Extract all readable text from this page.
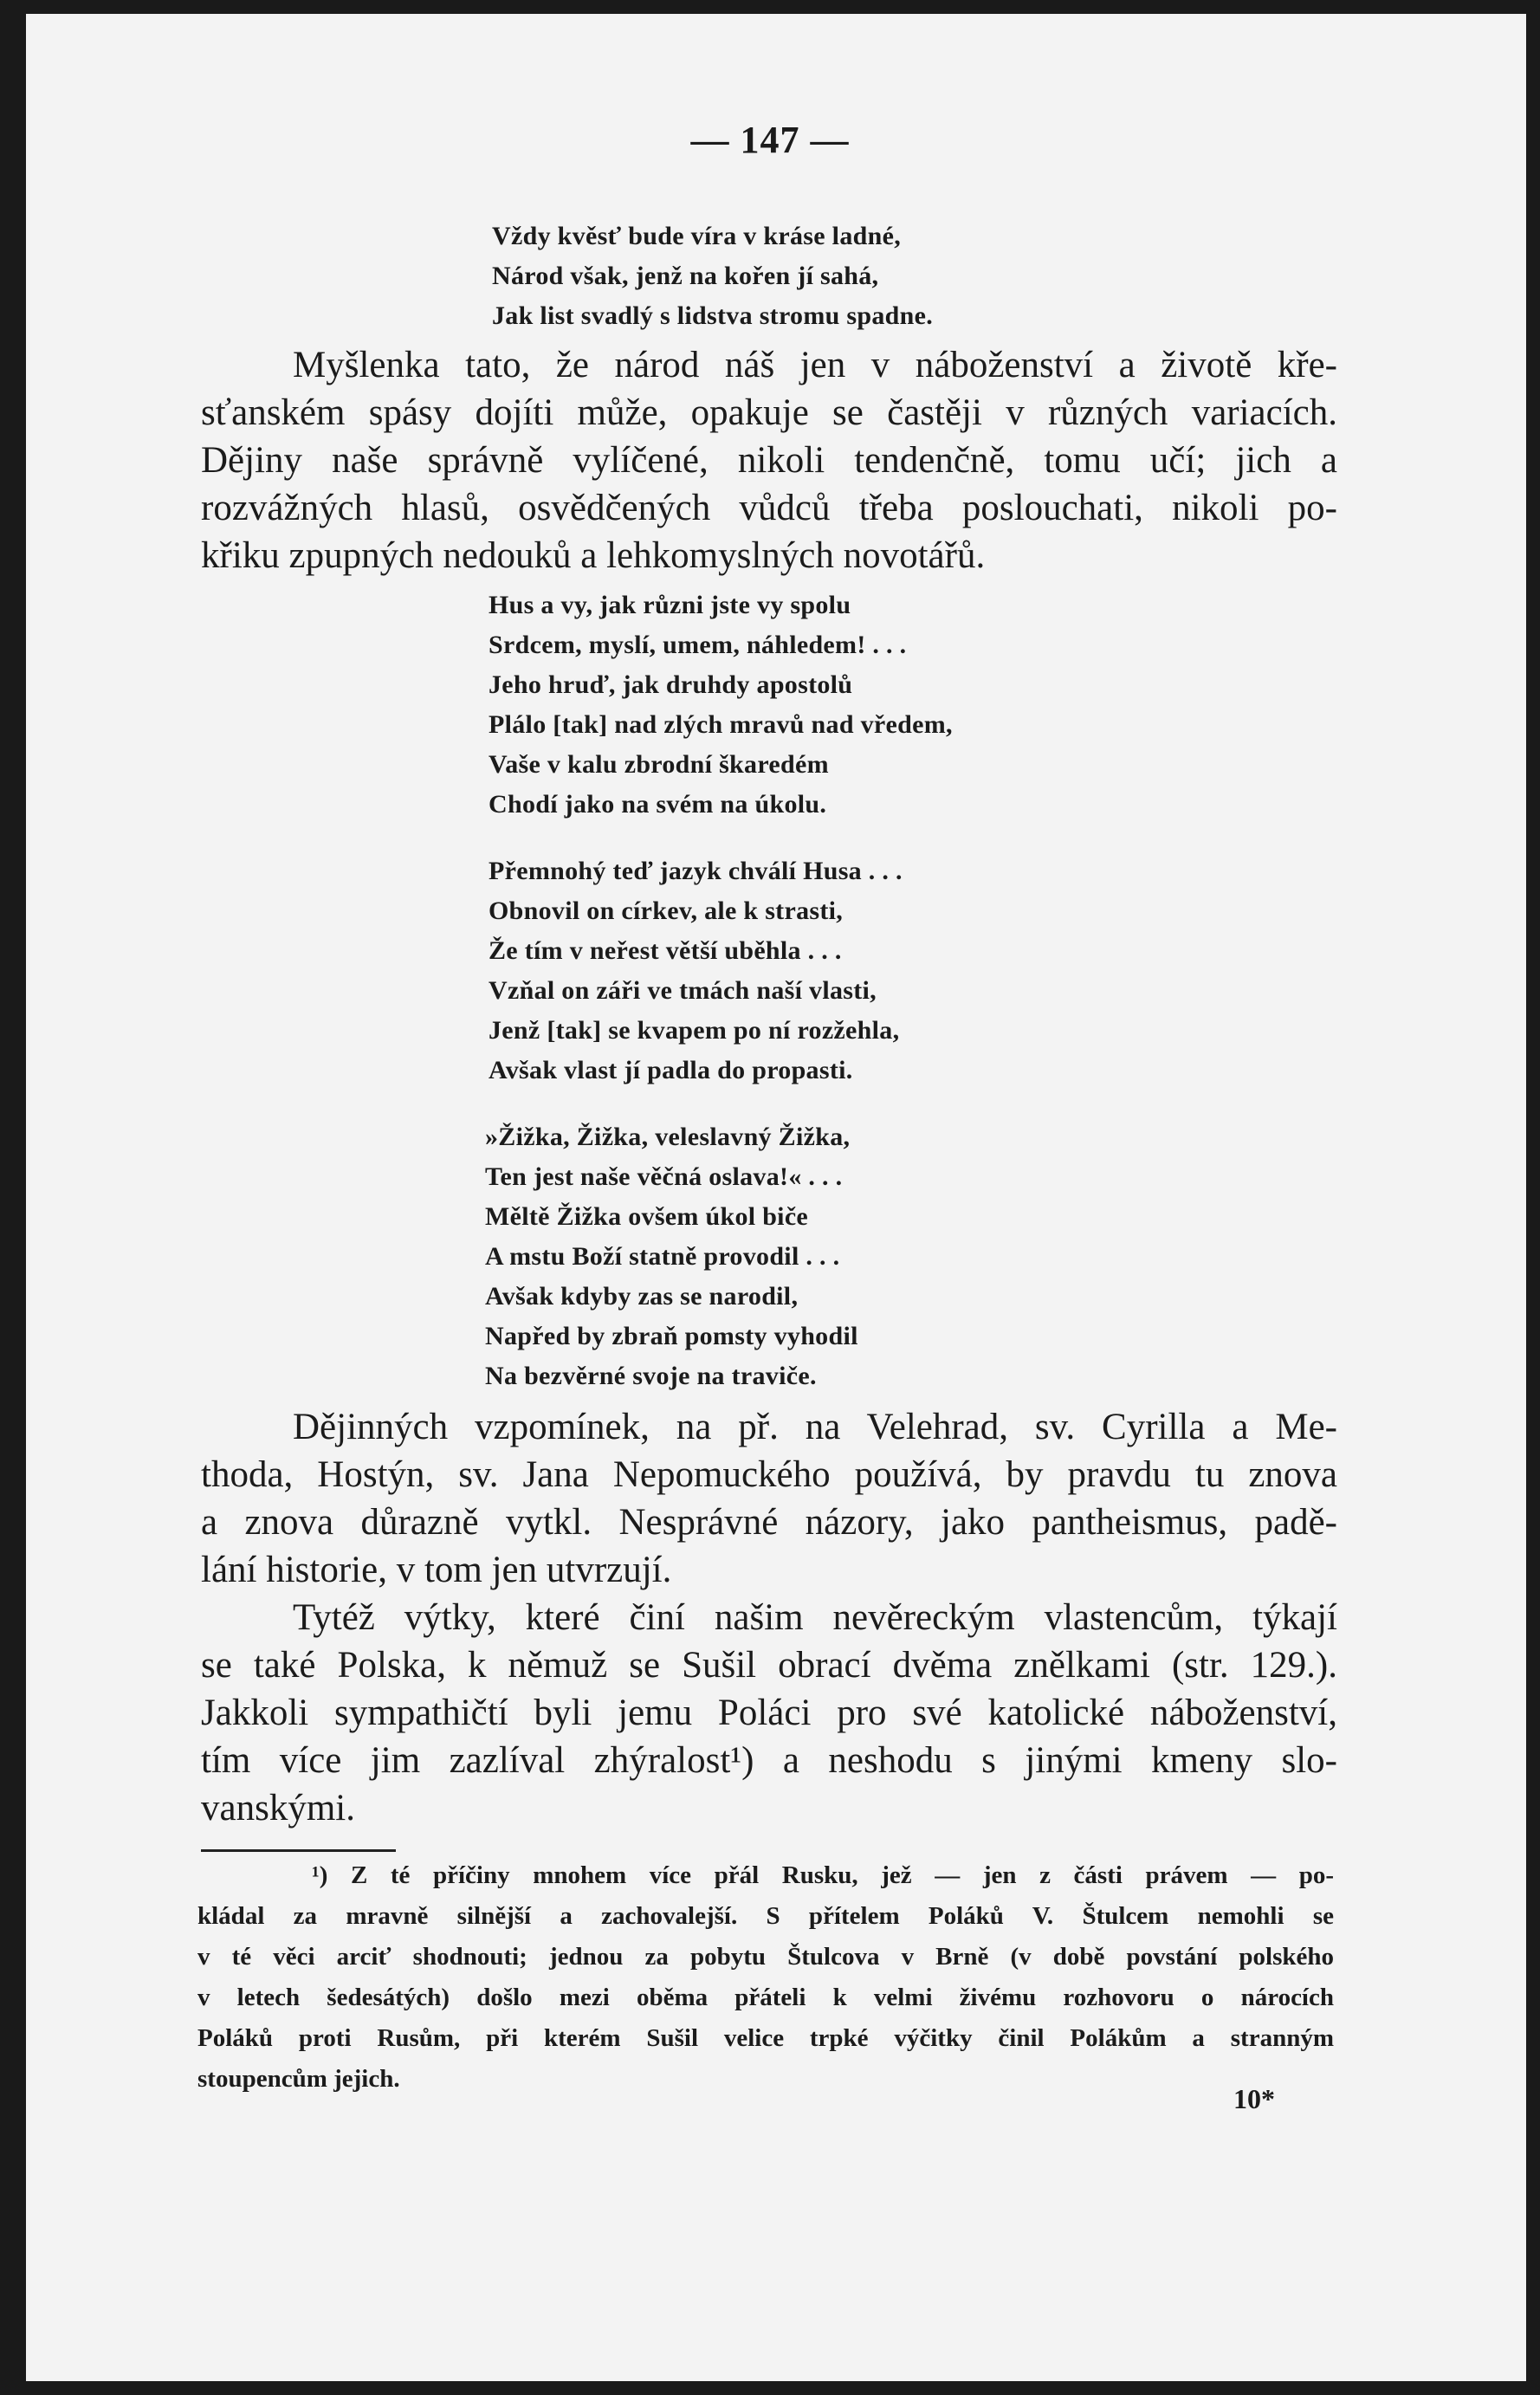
— 147 —
Vždy kvěsť bude víra v kráse ladné,
Národ však, jenž na kořen jí sahá,
Jak list svadlý s lidstva stromu spadne.
Myšlenka tato, že národ náš jen v náboženství a životě kře-
sťanském spásy dojíti může, opakuje se častěji v různých variacích.
Dějiny naše správně vylíčené, nikoli tendenčně, tomu učí; jich a
rozvážných hlasů, osvědčených vůdců třeba poslouchati, nikoli po-
křiku zpupných nedouků a lehkomyslných novotářů.
Hus a vy, jak různi jste vy spolu
Srdcem, myslí, umem, náhledem! . . .
Jeho hruď, jak druhdy apostolů
Plálo [tak] nad zlých mravů nad vředem,
Vaše v kalu zbrodní škaredém
Chodí jako na svém na úkolu.
Přemnohý teď jazyk chválí Husa . . .
Obnovil on církev, ale k strasti,
Že tím v neřest větší uběhla . . .
Vzňal on záři ve tmách naší vlasti,
Jenž [tak] se kvapem po ní rozžehla,
Avšak vlast jí padla do propasti.
»Žižka, Žižka, veleslavný Žižka,
Ten jest naše věčná oslava!« . . .
Měltě Žižka ovšem úkol biče
A mstu Boží statně provodil . . .
Avšak kdyby zas se narodil,
Napřed by zbraň pomsty vyhodil
Na bezvěrné svoje na traviče.
Dějinných vzpomínek, na př. na Velehrad, sv. Cyrilla a Me-
thoda, Hostýn, sv. Jana Nepomuckého používá, by pravdu tu znova
a znova důrazně vytkl. Nesprávné názory, jako pantheismus, padě-
lání historie, v tom jen utvrzují.
Tytéž výtky, které činí našim nevěreckým vlastencům, týkají
se také Polska, k němuž se Sušil obrací dvěma znělkami (str. 129.).
Jakkoli sympathičtí byli jemu Poláci pro své katolické náboženství,
tím více jim zazlíval zhýralost¹) a neshodu s jinými kmeny slo-
vanskými.
¹) Z té příčiny mnohem více přál Rusku, jež — jen z části právem — po-
kládal za mravně silnější a zachovalejší. S přítelem Poláků V. Štulcem nemohli se
v té věci arciť shodnouti; jednou za pobytu Štulcova v Brně (v době povstání polského
v letech šedesátých) došlo mezi oběma přáteli k velmi živému rozhovoru o nárocích
Poláků proti Rusům, při kterém Sušil velice trpké výčitky činil Polákům a stranným
stoupencům jejich.
10*
